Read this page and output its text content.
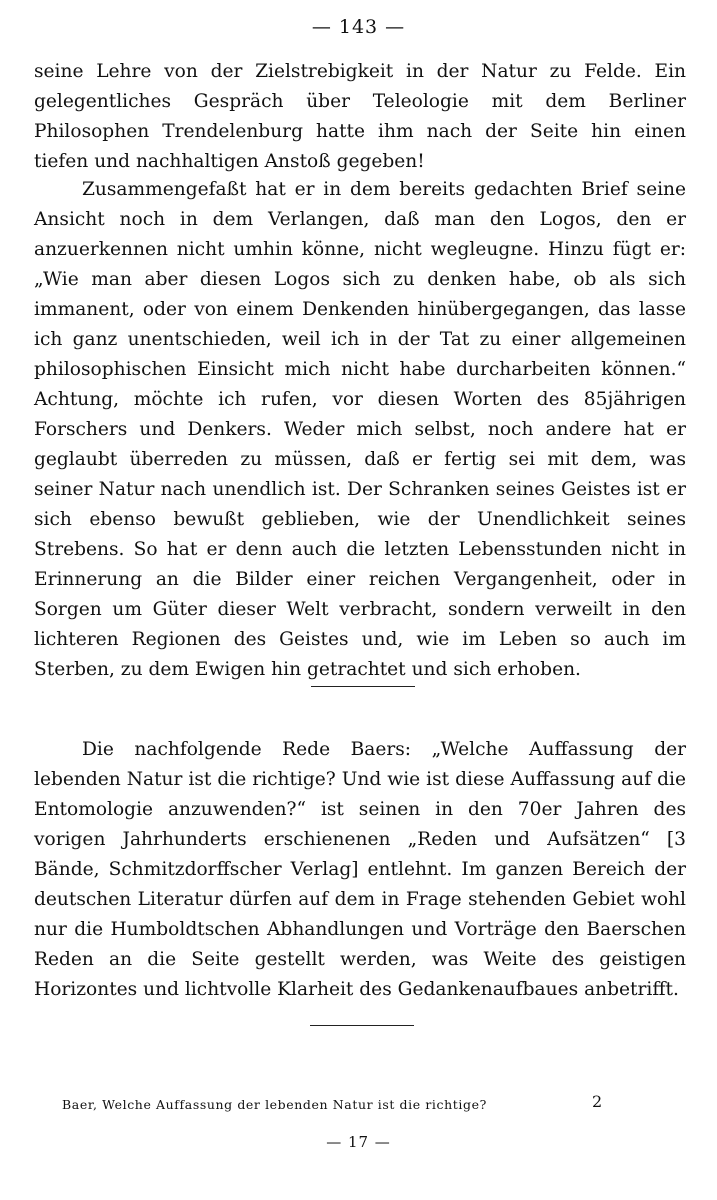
— 143 —

seine Lehre von der Zielstrebigkeit in der Natur zu Felde. Ein gelegentliches Gespräch über Teleologie mit dem Berliner Philosophen Trendelenburg hatte ihm nach der Seite hin einen tiefen und nachhaltigen Anstoß gegeben!

Zusammengefaßt hat er in dem bereits gedachten Brief seine Ansicht noch in dem Verlangen, daß man den Logos, den er anzuerkennen nicht umhin könne, nicht wegleugne. Hinzu fügt er: „Wie man aber diesen Logos sich zu denken habe, ob als sich immanent, oder von einem Denkenden hinübergegangen, das lasse ich ganz unentschieden, weil ich in der Tat zu einer allgemeinen philosophischen Einsicht mich nicht habe durcharbeiten können.“ Achtung, möchte ich rufen, vor diesen Worten des 85jährigen Forschers und Denkers. Weder mich selbst, noch andere hat er geglaubt überreden zu müssen, daß er fertig sei mit dem, was seiner Natur nach unendlich ist. Der Schranken seines Geistes ist er sich ebenso bewußt geblieben, wie der Unendlichkeit seines Strebens. So hat er denn auch die letzten Lebensstunden nicht in Erinnerung an die Bilder einer reichen Vergangenheit, oder in Sorgen um Güter dieser Welt verbracht, sondern verweilt in den lichteren Regionen des Geistes und, wie im Leben so auch im Sterben, zu dem Ewigen hin getrachtet und sich erhoben.

Die nachfolgende Rede Baers: „Welche Auffassung der lebenden Natur ist die richtige? Und wie ist diese Auffassung auf die Entomologie anzuwenden?“ ist seinen in den 70er Jahren des vorigen Jahrhunderts erschienenen „Reden und Aufsätzen“ [3 Bände, Schmitzdorffscher Verlag] entlehnt. Im ganzen Bereich der deutschen Literatur dürfen auf dem in Frage stehenden Gebiet wohl nur die Humboldtschen Abhandlungen und Vorträge den Baerschen Reden an die Seite gestellt werden, was Weite des geistigen Horizontes und lichtvolle Klarheit des Gedankenaufbaues anbetrifft.

Baer, Welche Auffassung der lebenden Natur ist die richtige?	2
— 17 —
